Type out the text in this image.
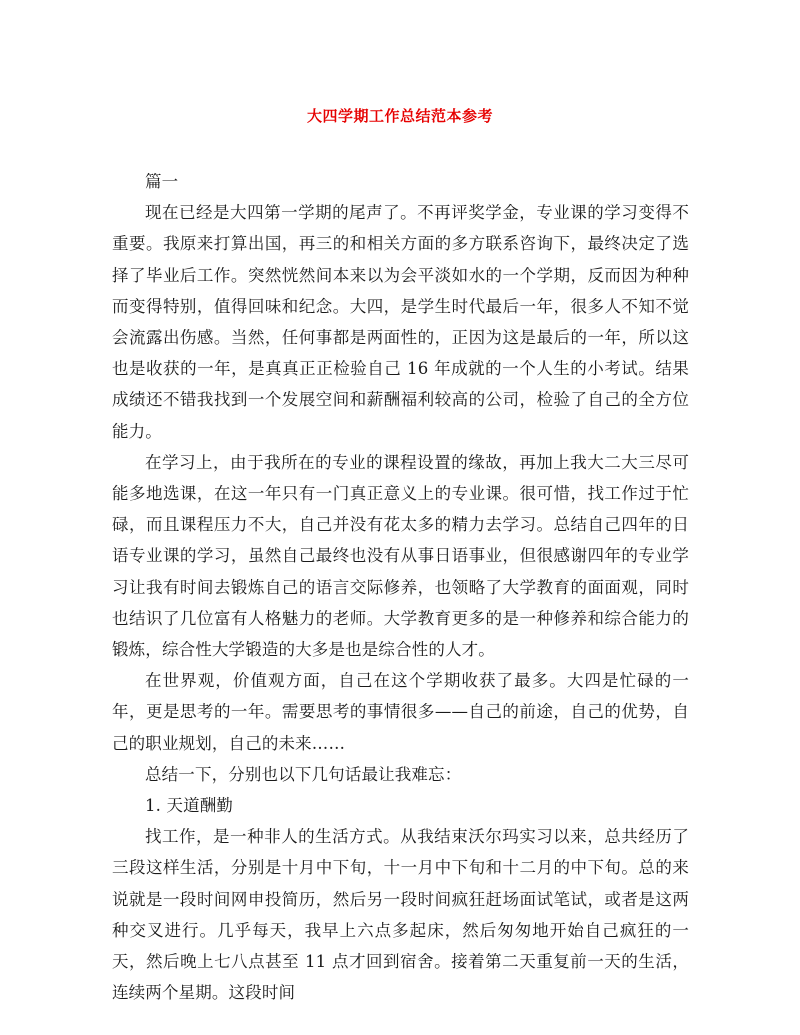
大四学期工作总结范本参考

篇一

现在已经是大四第一学期的尾声了。不再评奖学金，专业课的学习变得不重要。我原来打算出国，再三的和相关方面的多方联系咨询下，最终决定了选择了毕业后工作。突然恍然间本来以为会平淡如水的一个学期，反而因为种种而变得特别，值得回味和纪念。大四，是学生时代最后一年，很多人不知不觉会流露出伤感。当然，任何事都是两面性的，正因为这是最后的一年，所以这也是收获的一年，是真真正正检验自己 16 年成就的一个人生的小考试。结果成绩还不错我找到一个发展空间和薪酬福利较高的公司，检验了自己的全方位能力。

在学习上，由于我所在的专业的课程设置的缘故，再加上我大二大三尽可能多地选课，在这一年只有一门真正意义上的专业课。很可惜，找工作过于忙碌，而且课程压力不大，自己并没有花太多的精力去学习。总结自己四年的日语专业课的学习，虽然自己最终也没有从事日语事业，但很感谢四年的专业学习让我有时间去锻炼自己的语言交际修养，也领略了大学教育的面面观，同时也结识了几位富有人格魅力的老师。大学教育更多的是一种修养和综合能力的锻炼，综合性大学锻造的大多是也是综合性的人才。

在世界观，价值观方面，自己在这个学期收获了最多。大四是忙碌的一年，更是思考的一年。需要思考的事情很多——自己的前途，自己的优势，自己的职业规划，自己的未来……

总结一下，分别也以下几句话最让我难忘：

1. 天道酬勤

找工作，是一种非人的生活方式。从我结束沃尔玛实习以来，总共经历了三段这样生活，分别是十月中下旬，十一月中下旬和十二月的中下旬。总的来说就是一段时间网申投简历，然后另一段时间疯狂赶场面试笔试，或者是这两种交叉进行。几乎每天，我早上六点多起床，然后匆匆地开始自己疯狂的一天，然后晚上七八点甚至 11 点才回到宿舍。接着第二天重复前一天的生活，连续两个星期。这段时间
